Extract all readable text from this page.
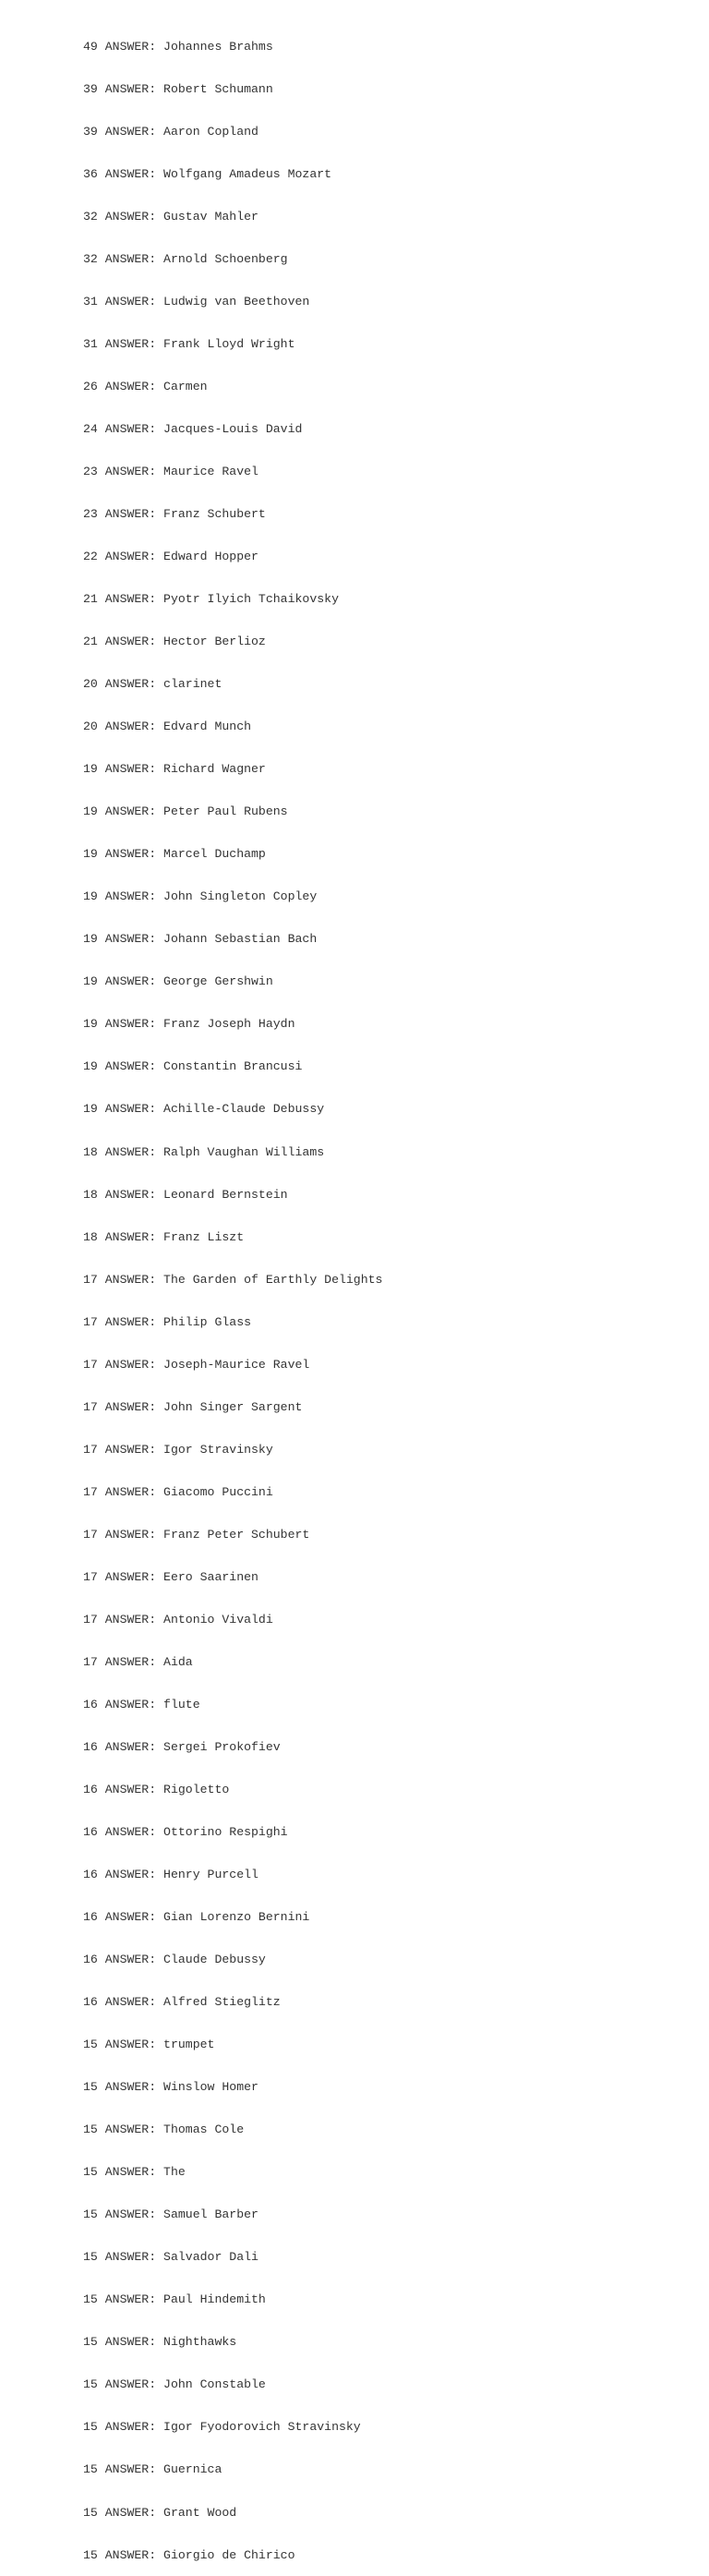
49 ANSWER: Johannes Brahms

39 ANSWER: Robert Schumann

39 ANSWER: Aaron Copland

36 ANSWER: Wolfgang Amadeus Mozart

32 ANSWER: Gustav Mahler

32 ANSWER: Arnold Schoenberg

31 ANSWER: Ludwig van Beethoven

31 ANSWER: Frank Lloyd Wright

26 ANSWER: Carmen

24 ANSWER: Jacques-Louis David

23 ANSWER: Maurice Ravel

23 ANSWER: Franz Schubert

22 ANSWER: Edward Hopper

21 ANSWER: Pyotr Ilyich Tchaikovsky

21 ANSWER: Hector Berlioz

20 ANSWER: clarinet

20 ANSWER: Edvard Munch

19 ANSWER: Richard Wagner

19 ANSWER: Peter Paul Rubens

19 ANSWER: Marcel Duchamp

19 ANSWER: John Singleton Copley

19 ANSWER: Johann Sebastian Bach

19 ANSWER: George Gershwin

19 ANSWER: Franz Joseph Haydn

19 ANSWER: Constantin Brancusi

19 ANSWER: Achille-Claude Debussy

18 ANSWER: Ralph Vaughan Williams

18 ANSWER: Leonard Bernstein

18 ANSWER: Franz Liszt

17 ANSWER: The Garden of Earthly Delights

17 ANSWER: Philip Glass

17 ANSWER: Joseph-Maurice Ravel

17 ANSWER: John Singer Sargent

17 ANSWER: Igor Stravinsky

17 ANSWER: Giacomo Puccini

17 ANSWER: Franz Peter Schubert

17 ANSWER: Eero Saarinen

17 ANSWER: Antonio Vivaldi

17 ANSWER: Aida

16 ANSWER: flute

16 ANSWER: Sergei Prokofiev

16 ANSWER: Rigoletto

16 ANSWER: Ottorino Respighi

16 ANSWER: Henry Purcell

16 ANSWER: Gian Lorenzo Bernini

16 ANSWER: Claude Debussy

16 ANSWER: Alfred Stieglitz

15 ANSWER: trumpet

15 ANSWER: Winslow Homer

15 ANSWER: Thomas Cole

15 ANSWER: The

15 ANSWER: Samuel Barber

15 ANSWER: Salvador Dali

15 ANSWER: Paul Hindemith

15 ANSWER: Nighthawks

15 ANSWER: John Constable

15 ANSWER: Igor Fyodorovich Stravinsky

15 ANSWER: Guernica

15 ANSWER: Grant Wood

15 ANSWER: Giorgio de Chirico
